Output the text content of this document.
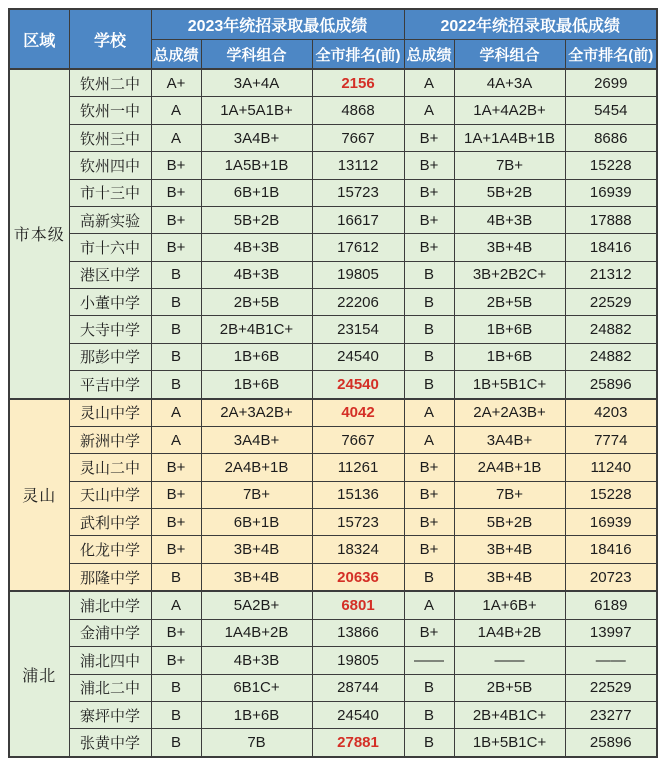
区域	学校	2023年统招录取最低成绩			2022年统招录取最低成绩		
		总成绩	学科组合	全市排名(前)	总成绩	学科组合	全市排名(前)
市本级	钦州二中	A+	3A+4A	2156	A	4A+3A	2699
	钦州一中	A	1A+5A1B+	4868	A	1A+4A2B+	5454
	钦州三中	A	3A4B+	7667	B+	1A+1A4B+1B	8686
	钦州四中	B+	1A5B+1B	13112	B+	7B+	15228
	市十三中	B+	6B+1B	15723	B+	5B+2B	16939
	高新实验	B+	5B+2B	16617	B+	4B+3B	17888
	市十六中	B+	4B+3B	17612	B+	3B+4B	18416
	港区中学	B	4B+3B	19805	B	3B+2B2C+	21312
	小董中学	B	2B+5B	22206	B	2B+5B	22529
	大寺中学	B	2B+4B1C+	23154	B	1B+6B	24882
	那彭中学	B	1B+6B	24540	B	1B+6B	24882
	平吉中学	B	1B+6B	24540	B	1B+5B1C+	25896
灵山	灵山中学	A	2A+3A2B+	4042	A	2A+2A3B+	4203
	新洲中学	A	3A4B+	7667	A	3A4B+	7774
	灵山二中	B+	2A4B+1B	11261	B+	2A4B+1B	11240
	天山中学	B+	7B+	15136	B+	7B+	15228
	武利中学	B+	6B+1B	15723	B+	5B+2B	16939
	化龙中学	B+	3B+4B	18324	B+	3B+4B	18416
	那隆中学	B	3B+4B	20636	B	3B+4B	20723
浦北	浦北中学	A	5A2B+	6801	A	1A+6B+	6189
	金浦中学	B+	1A4B+2B	13866	B+	1A4B+2B	13997
	浦北四中	B+	4B+3B	19805	——	——	——
	浦北二中	B	6B1C+	28744	B	2B+5B	22529
	寨坪中学	B	1B+6B	24540	B	2B+4B1C+	23277
	张黄中学	B	7B	27881	B	1B+5B1C+	25896
